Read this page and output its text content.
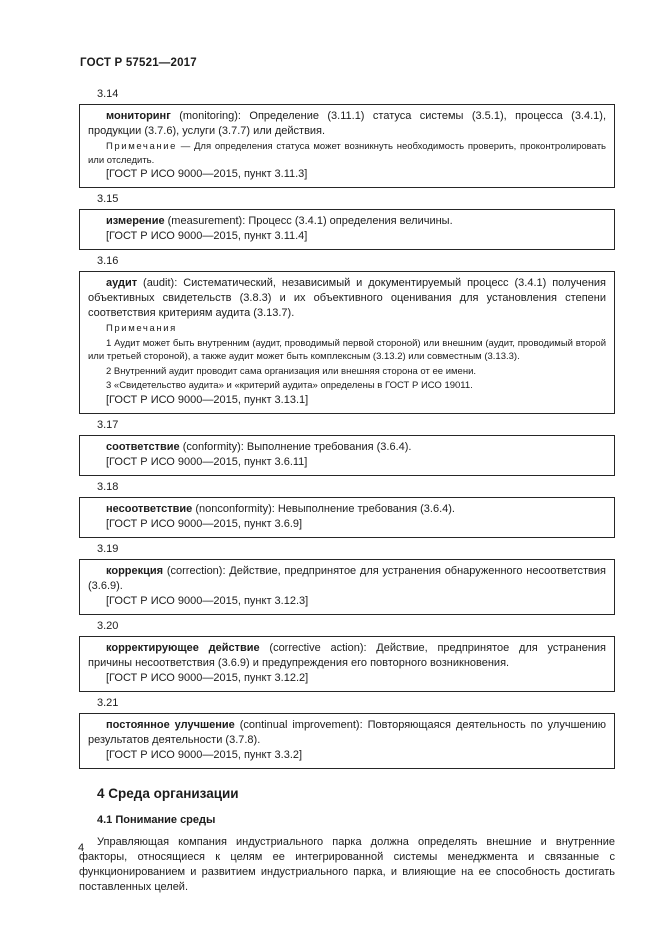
ГОСТ Р 57521—2017
3.14

мониторинг (monitoring): Определение (3.11.1) статуса системы (3.5.1), процесса (3.4.1), продукции (3.7.6), услуги (3.7.7) или действия.

Примечание — Для определения статуса может возникнуть необходимость проверить, проконтролировать или отследить.

[ГОСТ Р ИСО 9000—2015, пункт 3.11.3]

3.15

измерение (measurement): Процесс (3.4.1) определения величины.

[ГОСТ Р ИСО 9000—2015, пункт 3.11.4]

3.16

аудит (audit): Систематический, независимый и документируемый процесс (3.4.1) получения объективных свидетельств (3.8.3) и их объективного оценивания для установления степени соответствия критериям аудита (3.13.7).

Примечания

1 Аудит может быть внутренним (аудит, проводимый первой стороной) или внешним (аудит, проводимый второй или третьей стороной), а также аудит может быть комплексным (3.13.2) или совместным (3.13.3).

2 Внутренний аудит проводит сама организация или внешняя сторона от ее имени.

3 «Свидетельство аудита» и «критерий аудита» определены в ГОСТ Р ИСО 19011.

[ГОСТ Р ИСО 9000—2015, пункт 3.13.1]

3.17

соответствие (conformity): Выполнение требования (3.6.4).

[ГОСТ Р ИСО 9000—2015, пункт 3.6.11]

3.18

несоответствие (nonconformity): Невыполнение требования (3.6.4).

[ГОСТ Р ИСО 9000—2015, пункт 3.6.9]

3.19

коррекция (correction): Действие, предпринятое для устранения обнаруженного несоответствия (3.6.9).

[ГОСТ Р ИСО 9000—2015, пункт 3.12.3]

3.20

корректирующее действие (corrective action): Действие, предпринятое для устранения причины несоответствия (3.6.9) и предупреждения его повторного возникновения.

[ГОСТ Р ИСО 9000—2015, пункт 3.12.2]

3.21

постоянное улучшение (continual improvement): Повторяющаяся деятельность по улучшению результатов деятельности (3.7.8).

[ГОСТ Р ИСО 9000—2015, пункт 3.3.2]

4 Среда организации
4.1 Понимание среды

Управляющая компания индустриального парка должна определять внешние и внутренние факторы, относящиеся к целям ее интегрированной системы менеджмента и связанные с функционированием и развитием индустриального парка, и влияющие на ее способность достигать поставленных целей.

4
